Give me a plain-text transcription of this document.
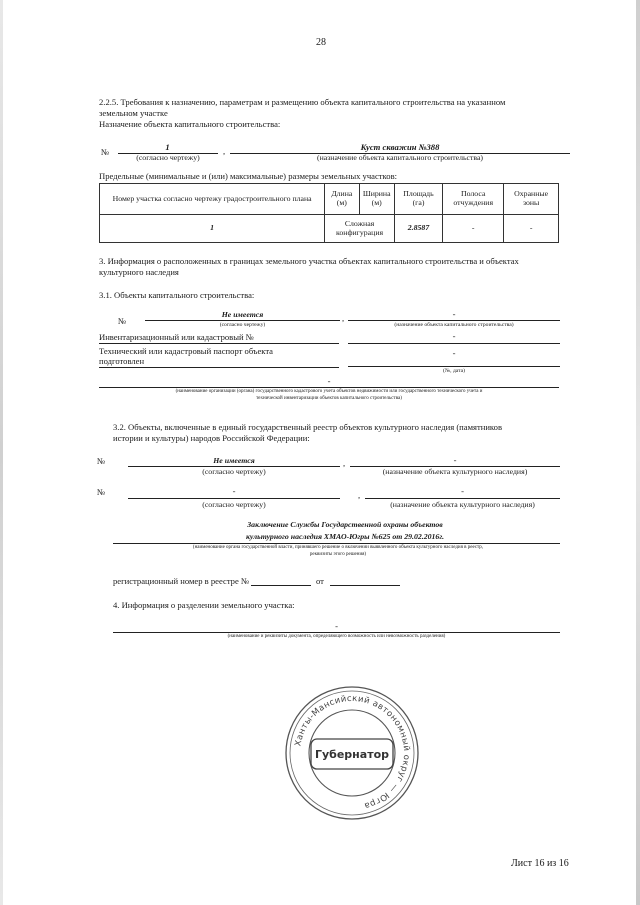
28
2.2.5. Требования к назначению, параметрам и размещению объекта капитального строительства на указанном
земельном участке
Назначение объекта капитального строительства:
№	1
(согласно чертежу)
,	Куст скважин №388
(назначение объекта капитального строительства)
Предельные (минимальные и (или) максимальные) размеры земельных участков:
Номер участка согласно чертежу градостроительного плана	Длина (м)	Ширина (м)	Площадь (га)	Полоса отчуждения	Охранные зоны
1	Сложная конфигурация		2.8587	-	-
3. Информация о расположенных в границах земельного участка объектах капитального строительства и объектах
культурного наследия
3.1. Объекты капитального строительства:
№
Не имеется
(согласно чертежу)
,	-
(назначение объекта капитального строительства)
Инвентаризационный или кадастровый №	-
Технический или кадастровый паспорт объекта
подготовлен
-
(№, дата)
-
(наименование организации (органа) государственного кадастрового учета объектов недвижимости или государственного технического учета и
технической инвентаризации объектов капитального строительства)
3.2. Объекты, включенные в единый государственный реестр объектов культурного наследия (памятников
истории и культуры) народов Российской Федерации:
№	Не имеется
(согласно чертежу)
,	-
(назначение объекта культурного наследия)
№	-
(согласно чертежу)
,	-
(назначение объекта культурного наследия)
Заключение Службы Государственной охраны объектов
культурного наследия ХМАО-Югры №625 от 29.02.2016г.
(наименование органа государственной власти, принявшего решение о включении выявленного объекта культурного наследия в реестр,
реквизиты этого решения)
регистрационный номер в реестре №	от
4. Информация о разделении земельного участка:
-
(наименование и реквизиты документа, определяющего возможность или невозможность разделения)
Ханты-Мансийский автономный округ — Югра
Губернатор
Лист 16 из 16
